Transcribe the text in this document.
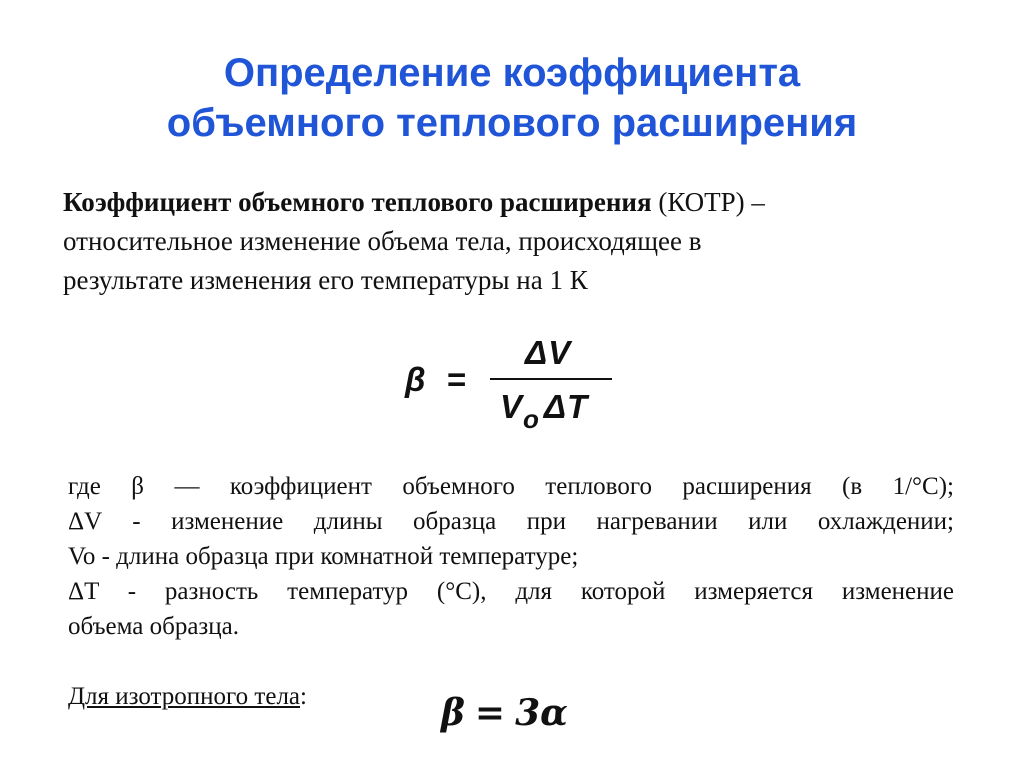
Определение коэффициента
объемного теплового расширения
Коэффициент объемного теплового расширения (КОТР) –
относительное изменение объема тела, происходящее в
результате изменения его температуры на 1 К
β =
ΔV
$V_o$ ΔT
где β — коэффициент объемного теплового расширения (в 1/°C);
ΔV - изменение длины образца при нагревании или охлаждении;
Vo - длина образца при комнатной температуре;
ΔT - разность температур (°C), для которой измеряется изменение
объема образца.
Для изотропного тела:	β = 3α
